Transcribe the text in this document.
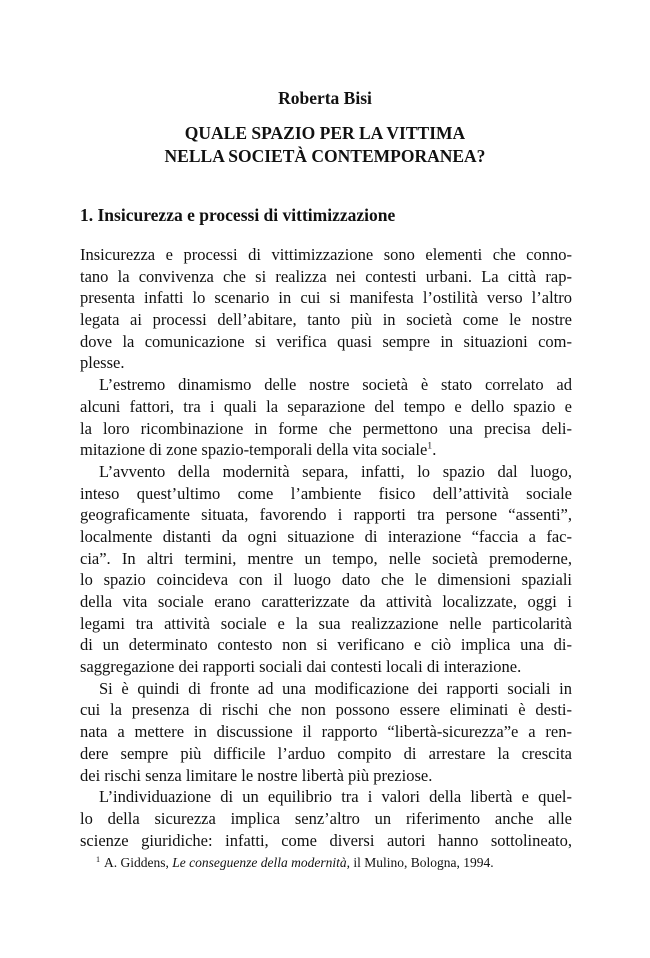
Roberta Bisi
QUALE SPAZIO PER LA VITTIMA
NELLA SOCIETÀ CONTEMPORANEA?
1. Insicurezza e processi di vittimizzazione
Insicurezza e processi di vittimizzazione sono elementi che conno-
tano la convivenza che si realizza nei contesti urbani. La città rap-
presenta infatti lo scenario in cui si manifesta l’ostilità verso l’altro
legata ai processi dell’abitare, tanto più in società come le nostre
dove la comunicazione si verifica quasi sempre in situazioni com-
plesse.
L’estremo dinamismo delle nostre società è stato correlato ad
alcuni fattori, tra i quali la separazione del tempo e dello spazio e
la loro ricombinazione in forme che permettono una precisa deli-
mitazione di zone spazio-temporali della vita sociale$^1$.
L’avvento della modernità separa, infatti, lo spazio dal luogo,
inteso quest’ultimo come l’ambiente fisico dell’attività sociale
geograficamente situata, favorendo i rapporti tra persone “assenti”,
localmente distanti da ogni situazione di interazione “faccia a fac-
cia”. In altri termini, mentre un tempo, nelle società premoderne,
lo spazio coincideva con il luogo dato che le dimensioni spaziali
della vita sociale erano caratterizzate da attività localizzate, oggi i
legami tra attività sociale e la sua realizzazione nelle particolarità
di un determinato contesto non si verificano e ciò implica una di-
saggregazione dei rapporti sociali dai contesti locali di interazione.
Si è quindi di fronte ad una modificazione dei rapporti sociali in
cui la presenza di rischi che non possono essere eliminati è desti-
nata a mettere in discussione il rapporto “libertà-sicurezza”e a ren-
dere sempre più difficile l’arduo compito di arrestare la crescita
dei rischi senza limitare le nostre libertà più preziose.
L’individuazione di un equilibrio tra i valori della libertà e quel-
lo della sicurezza implica senz’altro un riferimento anche alle
scienze giuridiche: infatti, come diversi autori hanno sottolineato,
$^1$ A. Giddens, Le conseguenze della modernità, il Mulino, Bologna, 1994.
